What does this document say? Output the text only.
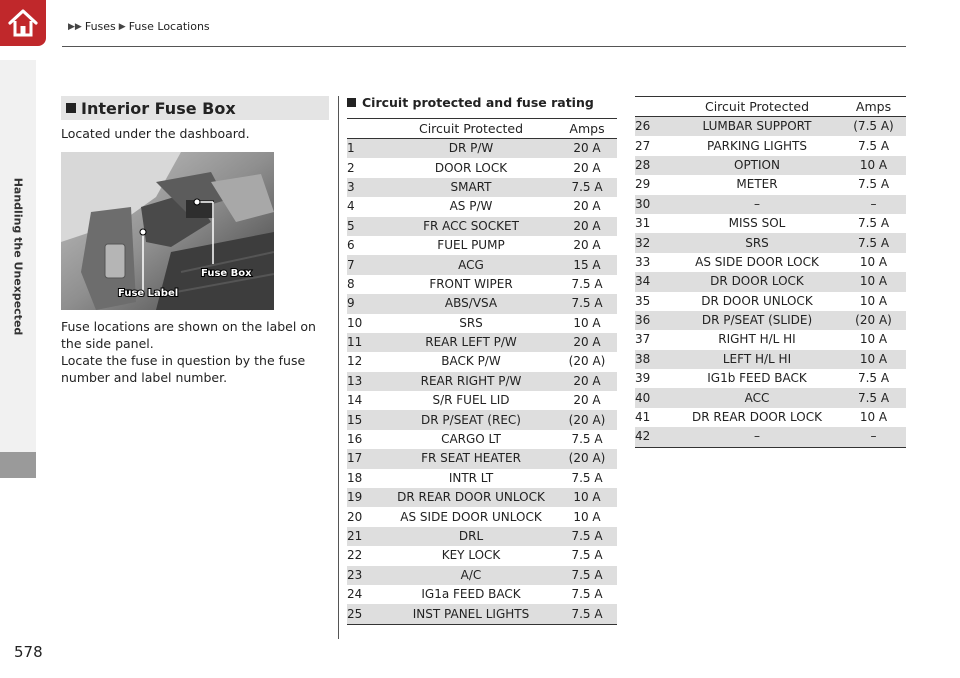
▶▶ Fuses ▶ Fuse Locations
Handling the Unexpected
578
Interior Fuse Box
Located under the dashboard.
Fuse Box
Fuse Label
Fuse locations are shown on the label on
the side panel.
Locate the fuse in question by the fuse
number and label number.
Circuit protected and fuse rating
	Circuit Protected	Amps
1	DR P/W	20 A
2	DOOR LOCK	20 A
3	SMART	7.5 A
4	AS P/W	20 A
5	FR ACC SOCKET	20 A
6	FUEL PUMP	20 A
7	ACG	15 A
8	FRONT WIPER	7.5 A
9	ABS/VSA	7.5 A
10	SRS	10 A
11	REAR LEFT P/W	20 A
12	BACK P/W	(20 A)
13	REAR RIGHT P/W	20 A
14	S/R FUEL LID	20 A
15	DR P/SEAT (REC)	(20 A)
16	CARGO LT	7.5 A
17	FR SEAT HEATER	(20 A)
18	INTR LT	7.5 A
19	DR REAR DOOR UNLOCK	10 A
20	AS SIDE DOOR UNLOCK	10 A
21	DRL	7.5 A
22	KEY LOCK	7.5 A
23	A/C	7.5 A
24	IG1a FEED BACK	7.5 A
25	INST PANEL LIGHTS	7.5 A
	Circuit Protected	Amps
26	LUMBAR SUPPORT	(7.5 A)
27	PARKING LIGHTS	7.5 A
28	OPTION	10 A
29	METER	7.5 A
30	–	–
31	MISS SOL	7.5 A
32	SRS	7.5 A
33	AS SIDE DOOR LOCK	10 A
34	DR DOOR LOCK	10 A
35	DR DOOR UNLOCK	10 A
36	DR P/SEAT (SLIDE)	(20 A)
37	RIGHT H/L HI	10 A
38	LEFT H/L HI	10 A
39	IG1b FEED BACK	7.5 A
40	ACC	7.5 A
41	DR REAR DOOR LOCK	10 A
42	–	–
